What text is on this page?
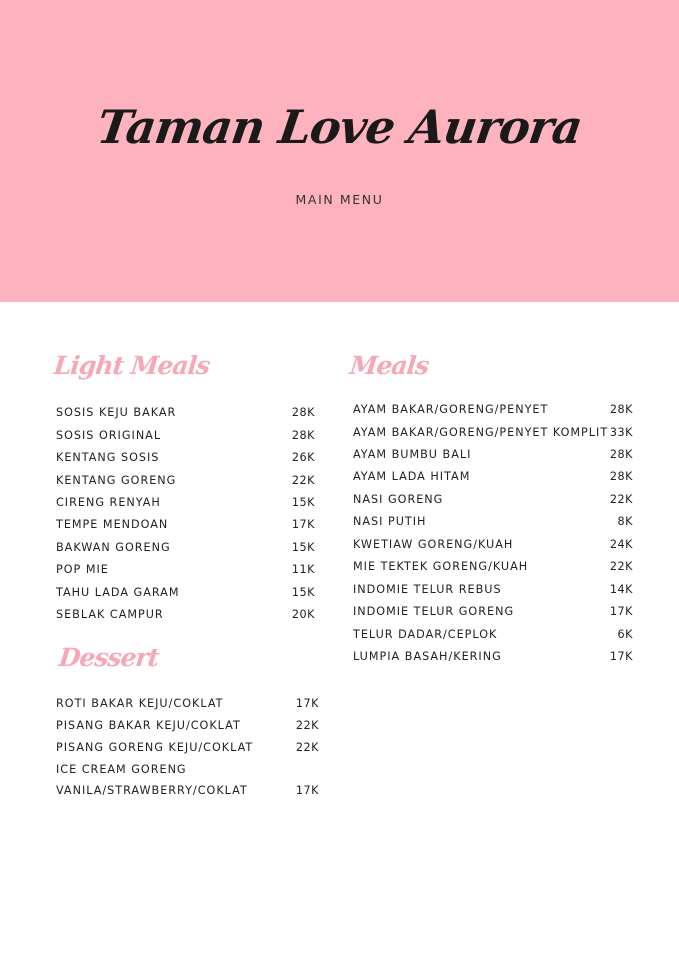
Taman Love Aurora
MAIN MENU
Light Meals
SOSIS KEJU BAKAR	28K
SOSIS ORIGINAL	28K
KENTANG SOSIS	26K
KENTANG GORENG	22K
CIRENG RENYAH	15K
TEMPE MENDOAN	17K
BAKWAN GORENG	15K
POP MIE	11K
TAHU LADA GARAM	15K
SEBLAK CAMPUR	20K
Dessert
ROTI BAKAR KEJU/COKLAT	17K
PISANG BAKAR KEJU/COKLAT	22K
PISANG GORENG KEJU/COKLAT	22K
ICE CREAM GORENG
VANILA/STRAWBERRY/COKLAT	17K
Meals
AYAM BAKAR/GORENG/PENYET	28K
AYAM BAKAR/GORENG/PENYET KOMPLIT 33K
AYAM BUMBU BALI	28K
AYAM LADA HITAM	28K
NASI GORENG	22K
NASI PUTIH	8K
KWETIAW GORENG/KUAH	24K
MIE TEKTEK GORENG/KUAH	22K
INDOMIE TELUR REBUS	14K
INDOMIE TELUR GORENG	17K
TELUR DADAR/CEPLOK	6K
LUMPIA BASAH/KERING	17K
